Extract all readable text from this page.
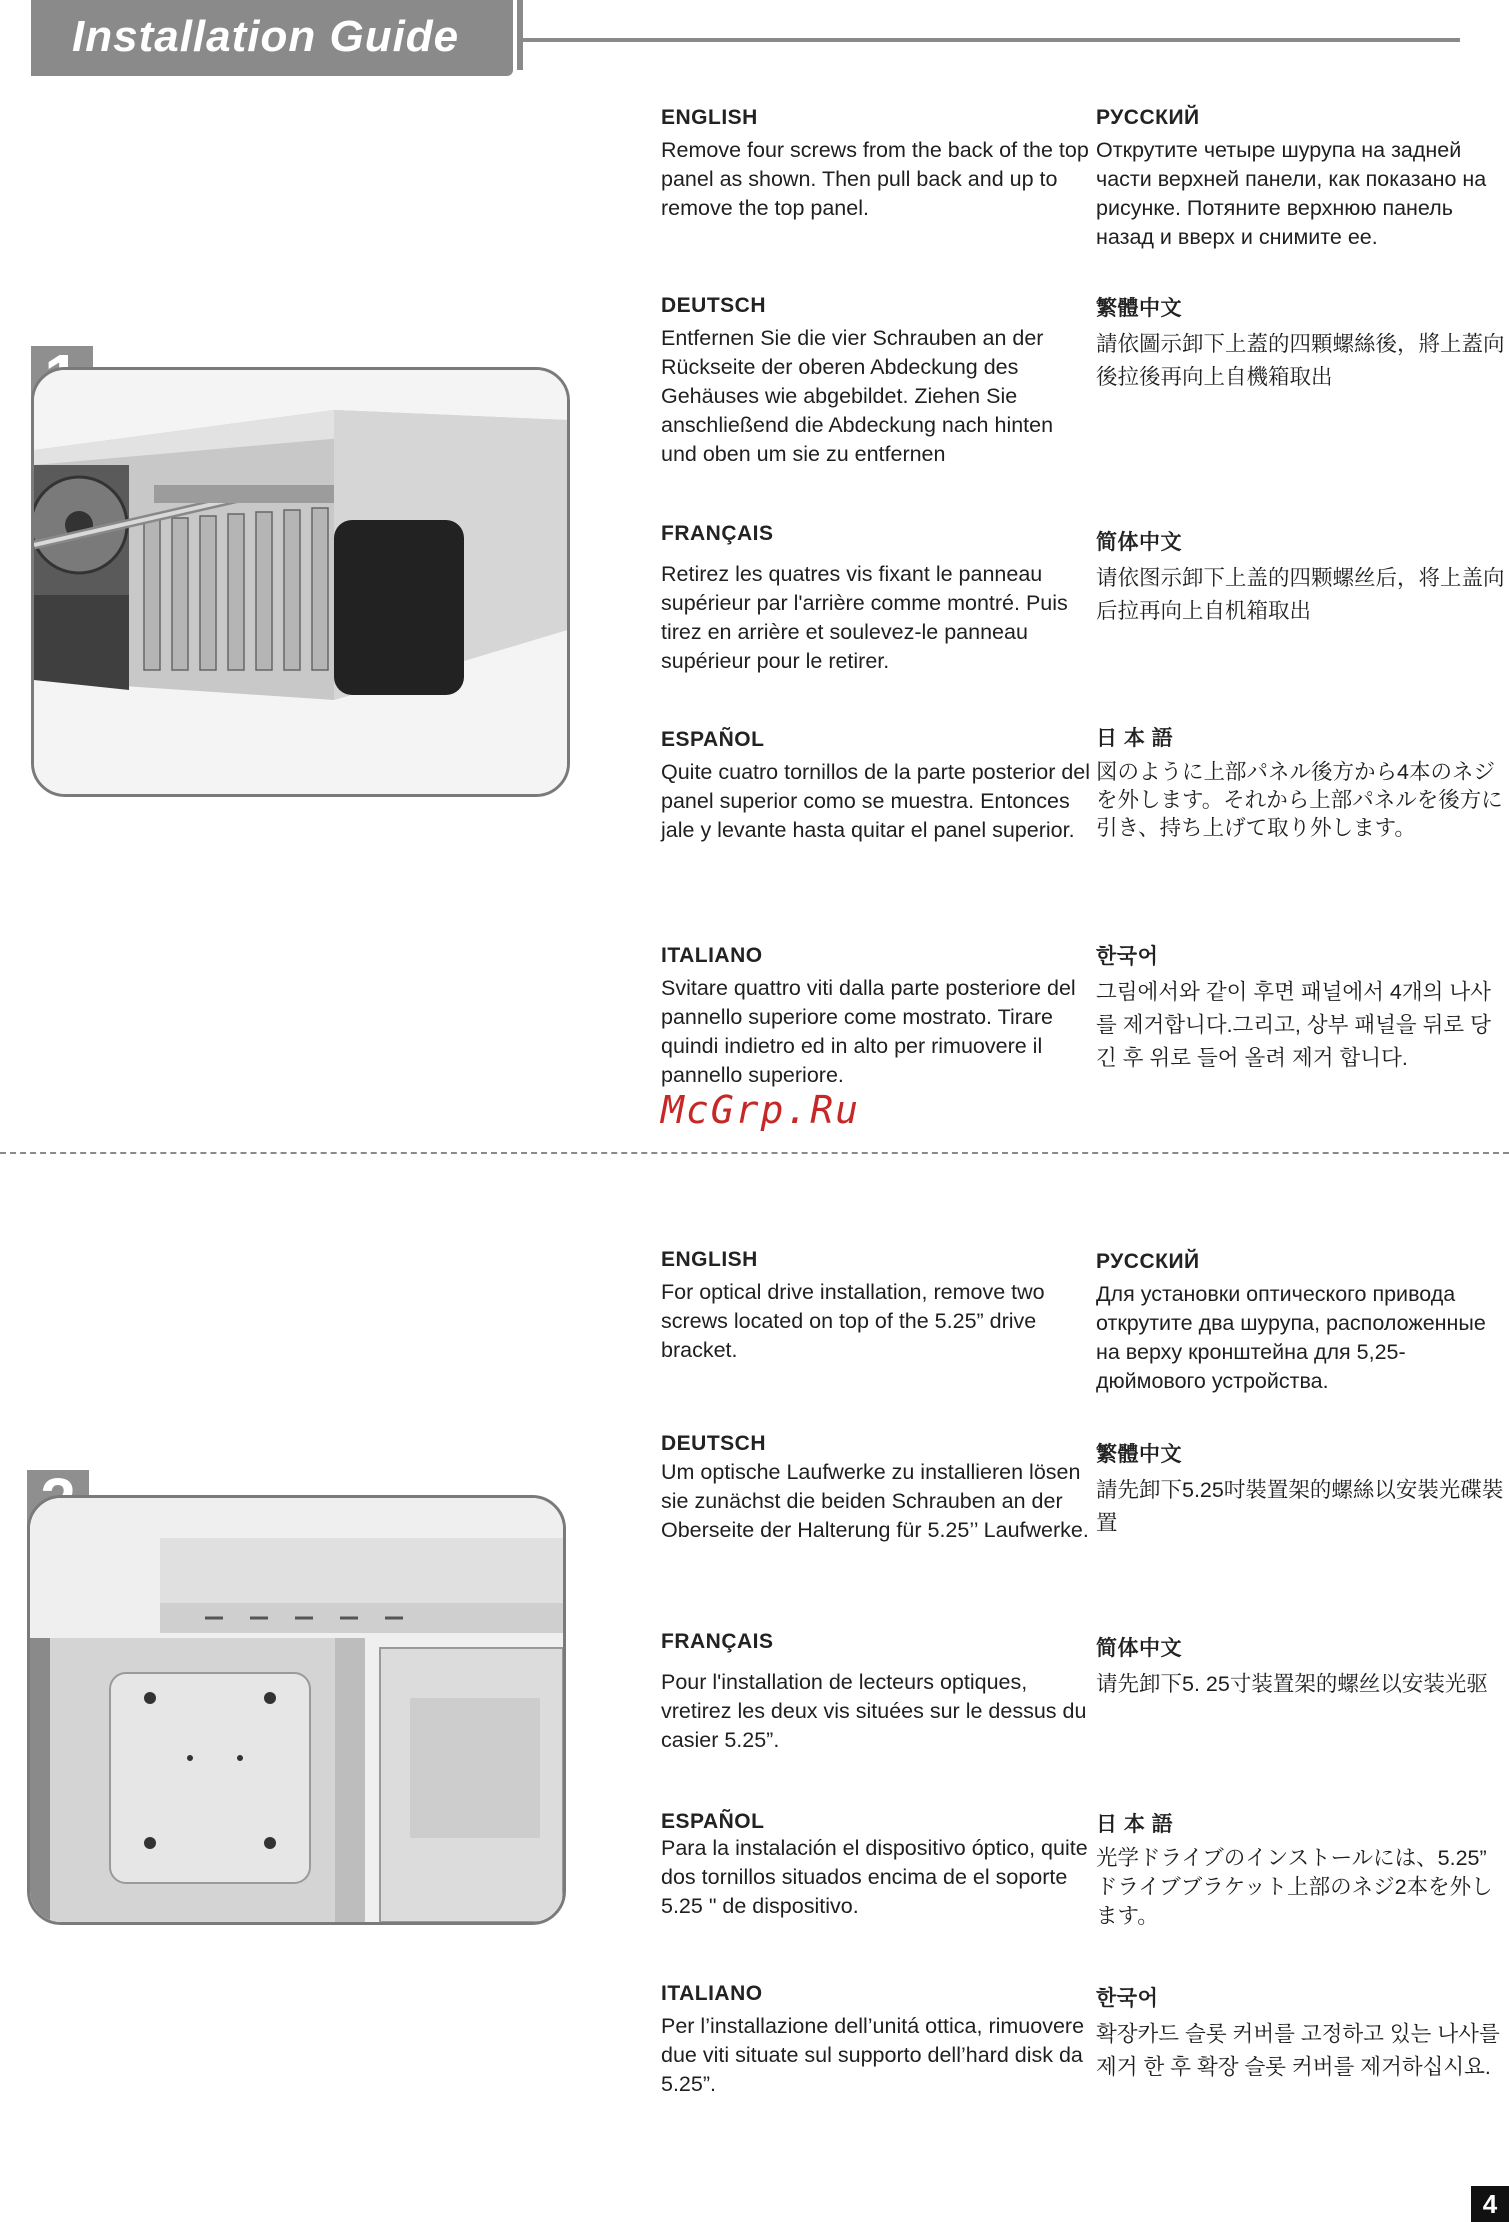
Installation Guide
ENGLISH
Remove four screws from the back of the top panel as shown. Then pull back and up to remove the top panel.
DEUTSCH
Entfernen Sie die vier Schrauben an der Rückseite der oberen Abdeckung des Gehäuses wie abgebildet. Ziehen Sie anschließend die Abdeckung nach hinten und oben um sie zu entfernen
FRANÇAIS
Retirez les quatres vis fixant le panneau supérieur par l'arrière comme montré. Puis tirez en arrière et soulevez-le panneau supérieur pour le retirer.
ESPAÑOL
Quite cuatro tornillos de la parte posterior del panel superior como se muestra. Entonces jale y levante hasta quitar el panel superior.
ITALIANO
Svitare quattro viti dalla parte posteriore del pannello superiore come mostrato. Tirare quindi indietro ed in alto per rimuovere il pannello superiore.
РУССКИЙ
Открутите четыре шурупа на задней части верхней панели, как показано на рисунке. Потяните верхнюю панель назад и вверх и снимите ее.
繁體中文
請依圖示卸下上蓋的四顆螺絲後，將上蓋向後拉後再向上自機箱取出
简体中文
请依图示卸下上盖的四颗螺丝后，将上盖向后拉再向上自机箱取出
日 本 語
図のように上部パネル後方から4本のネジを外します。それから上部パネルを後方に引き、持ち上げて取り外します。
한국어
그림에서와 같이 후면 패널에서 4개의 나사를 제거합니다.그리고, 상부 패널을 뒤로 당긴 후 위로 들어 올려 제거 합니다.
McGrp.Ru
ENGLISH
For optical drive installation, remove two screws located on top of the 5.25” drive bracket.
DEUTSCH
Um optische Laufwerke zu installieren lösen sie zunächst die beiden Schrauben an der Oberseite der Halterung für 5.25’’ Laufwerke.
FRANÇAIS
Pour l'installation de lecteurs optiques, vretirez les deux vis situées sur le dessus du casier 5.25”.
ESPAÑOL
Para la instalación el dispositivo óptico, quite dos tornillos situados encima de el soporte 5.25 " de dispositivo.
ITALIANO
Per l’installazione dell’unitá ottica, rimuovere due viti situate sul supporto dell’hard disk da 5.25”.
РУССКИЙ
Для установки оптического привода открутите два шурупа, расположенные на верху кронштейна для 5,25-дюймового устройства.
繁體中文
請先卸下5.25吋裝置架的螺絲以安裝光碟裝置
简体中文
请先卸下5. 25寸装置架的螺丝以安装光驱
日 本 語
光学ドライブのインストールには、5.25” ドライブブラケット上部のネジ2本を外します。
한국어
확장카드 슬롯 커버를 고정하고 있는 나사를 제거 한 후 확장 슬롯 커버를 제거하십시요.
4
